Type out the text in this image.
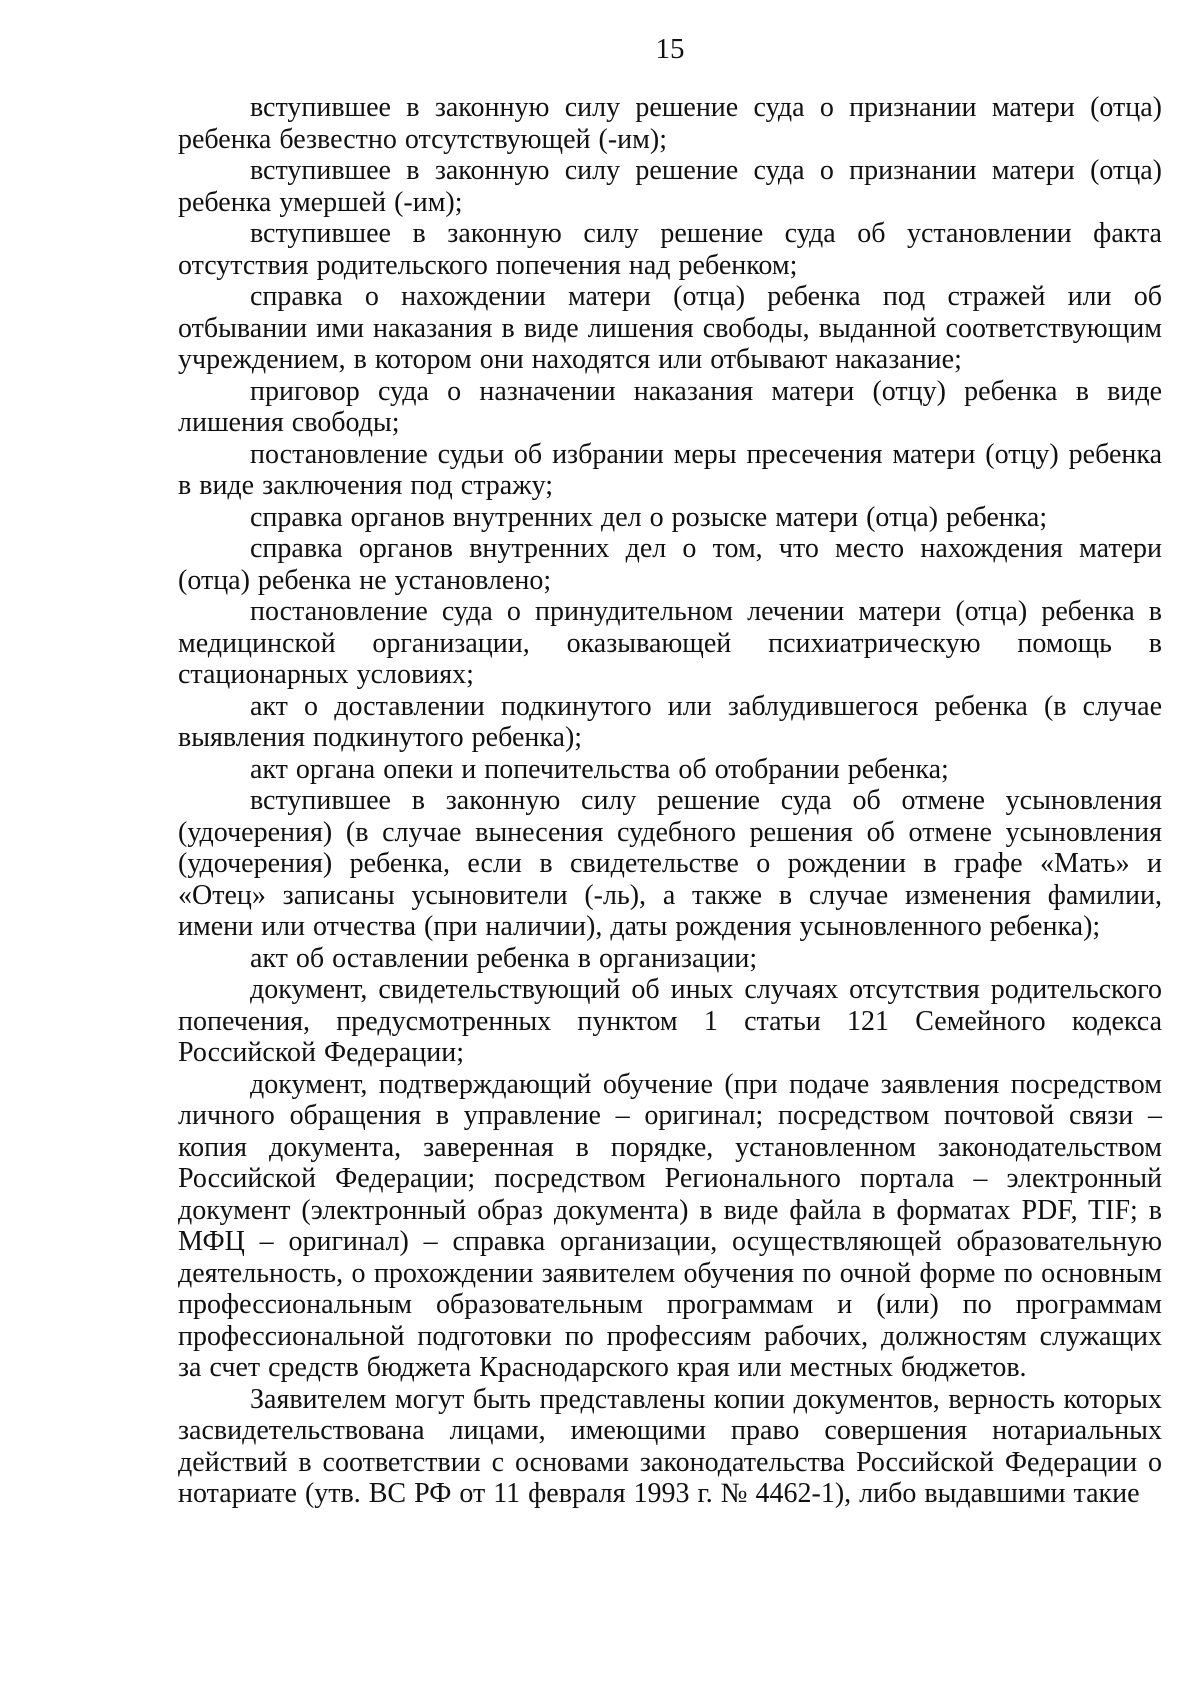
15

вступившее в законную силу решение суда о признании матери (отца) ребенка безвестно отсутствующей (-им);

вступившее в законную силу решение суда о признании матери (отца) ребенка умершей (-им);

вступившее в законную силу решение суда об установлении факта отсутствия родительского попечения над ребенком;

справка о нахождении матери (отца) ребенка под стражей или об отбывании ими наказания в виде лишения свободы, выданной соответствующим учреждением, в котором они находятся или отбывают наказание;

приговор суда о назначении наказания матери (отцу) ребенка в виде лишения свободы;

постановление судьи об избрании меры пресечения матери (отцу) ребенка в виде заключения под стражу;

справка органов внутренних дел о розыске матери (отца) ребенка;

справка органов внутренних дел о том, что место нахождения матери (отца) ребенка не установлено;

постановление суда о принудительном лечении матери (отца) ребенка в медицинской организации, оказывающей психиатрическую помощь в стационарных условиях;

акт о доставлении подкинутого или заблудившегося ребенка (в случае выявления подкинутого ребенка);

акт органа опеки и попечительства об отобрании ребенка;

вступившее в законную силу решение суда об отмене усыновления (удочерения) (в случае вынесения судебного решения об отмене усыновления (удочерения) ребенка, если в свидетельстве о рождении в графе «Мать» и «Отец» записаны усыновители (-ль), а также в случае изменения фамилии, имени или отчества (при наличии), даты рождения усыновленного ребенка);

акт об оставлении ребенка в организации;

документ, свидетельствующий об иных случаях отсутствия родительского попечения, предусмотренных пунктом 1 статьи 121 Семейного кодекса Российской Федерации;

документ, подтверждающий обучение (при подаче заявления посредством личного обращения в управление – оригинал; посредством почтовой связи – копия документа, заверенная в порядке, установленном законодательством Российской Федерации; посредством Регионального портала – электронный документ (электронный образ документа) в виде файла в форматах PDF, TIF; в МФЦ – оригинал) – справка организации, осуществляющей образовательную деятельность, о прохождении заявителем обучения по очной форме по основным профессиональным образовательным программам и (или) по программам профессиональной подготовки по профессиям рабочих, должностям служащих за счет средств бюджета Краснодарского края или местных бюджетов.

Заявителем могут быть представлены копии документов, верность которых засвидетельствована лицами, имеющими право совершения нотариальных действий в соответствии с основами законодательства Российской Федерации о нотариате (утв. ВС РФ от 11 февраля 1993 г. № 4462-1), либо выдавшими такие
